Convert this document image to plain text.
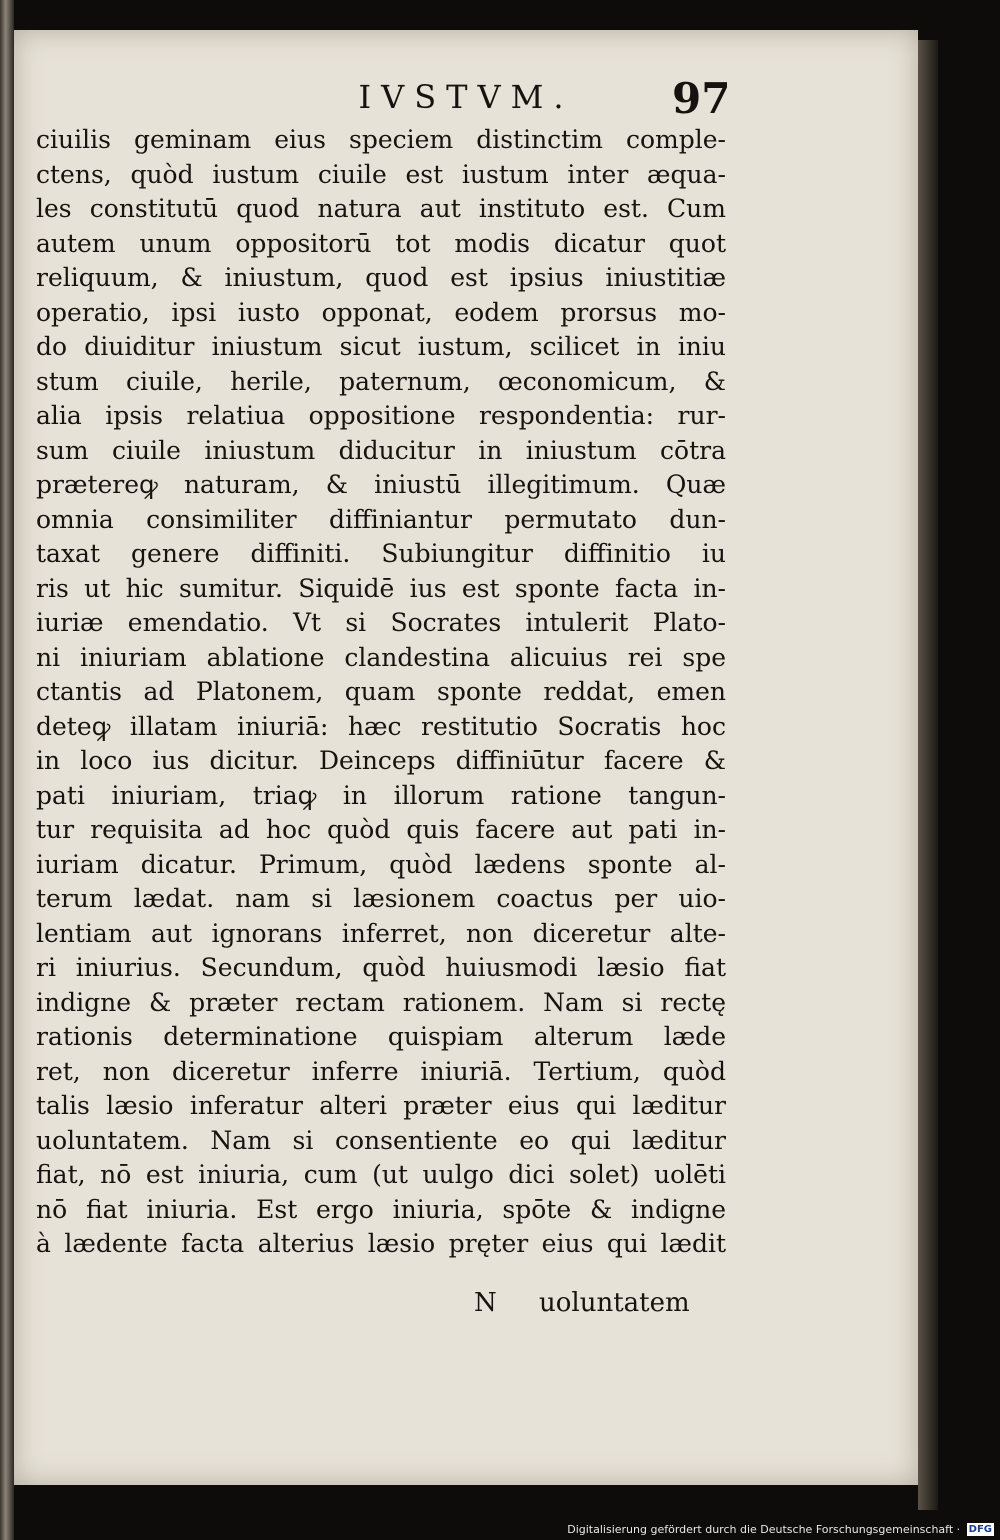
IVSTVM.	97
ciuilis geminam eius speciem distinctim comple-
ctens, quòd iustum ciuile est iustum inter æqua-
les constitutū quod natura aut instituto est. Cum
autem unum oppositorū tot modis dicatur quot
reliquum, & iniustum, quod est ipsius iniustitiæ
operatio, ipsi iusto opponat, eodem prorsus mo-
do diuiditur iniustum sicut iustum, scilicet in iniu
stum ciuile, herile, paternum, œconomicum, &
alia ipsis relatiua oppositione respondentia: rur-
sum ciuile iniustum diducitur in iniustum cōtra
prætereꝙ naturam, & iniustū illegitimum. Quæ
omnia consimiliter diffiniantur permutato dun-
taxat genere diffiniti. Subiungitur diffinitio iu
ris ut hic sumitur. Siquidē ius est sponte facta in-
iuriæ emendatio. Vt si Socrates intulerit Plato-
ni iniuriam ablatione clandestina alicuius rei spe
ctantis ad Platonem, quam sponte reddat, emen
deteꝙ illatam iniuriā: hæc restitutio Socratis hoc
in loco ius dicitur. Deinceps diffiniūtur facere &
pati iniuriam, triaꝙ in illorum ratione tangun-
tur requisita ad hoc quòd quis facere aut pati in-
iuriam dicatur. Primum, quòd lædens sponte al-
terum lædat. nam si læsionem coactus per uio-
lentiam aut ignorans inferret, non diceretur alte-
ri iniurius. Secundum, quòd huiusmodi læsio fiat
indigne & præter rectam rationem. Nam si rectę
rationis determinatione quispiam alterum læde
ret, non diceretur inferre iniuriā. Tertium, quòd
talis læsio inferatur alteri præter eius qui læditur
uoluntatem. Nam si consentiente eo qui læditur
fiat, nō est iniuria, cum (ut uulgo dici solet) uolēti
nō fiat iniuria. Est ergo iniuria, spōte & indigne
à lædente facta alterius læsio pręter eius qui lædit
N uoluntatem
Digitalisierung gefördert durch die Deutsche Forschungsgemeinschaft · DFG
